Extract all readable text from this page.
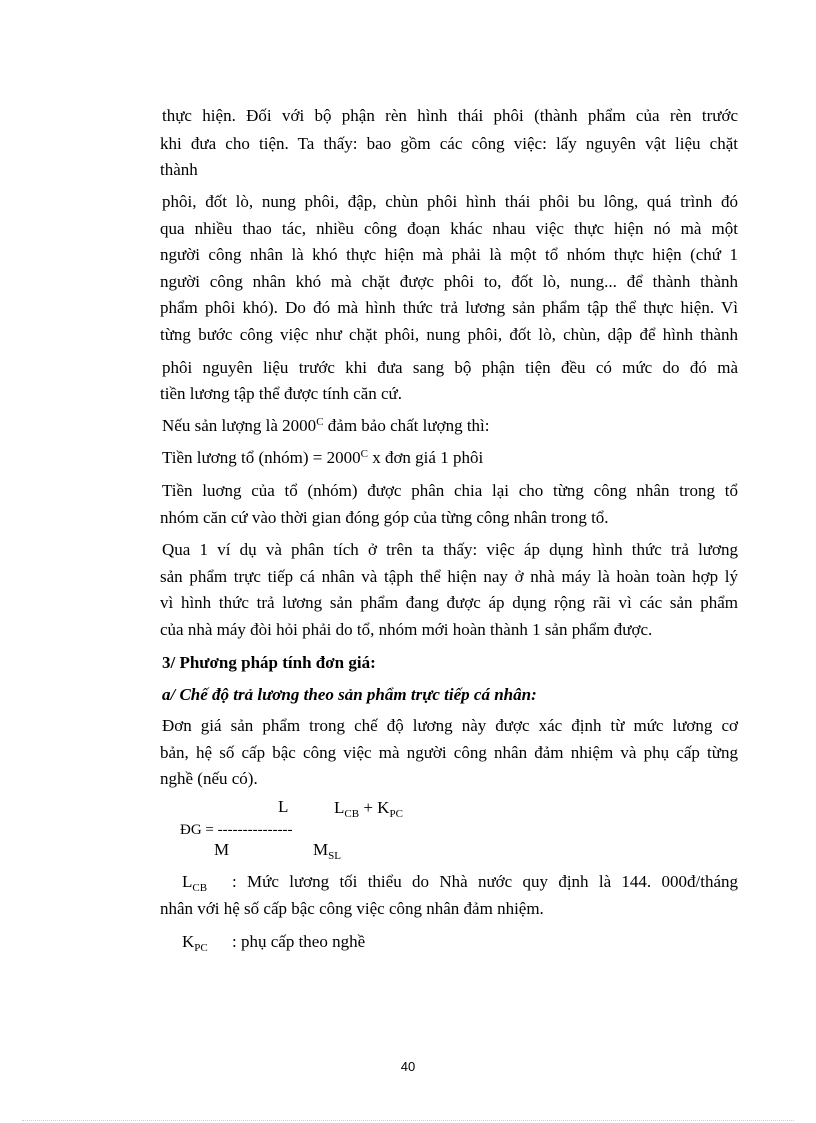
thực hiện. Đối với bộ phận rèn hình thái phôi (thành phẩm của rèn trước
khi đưa cho tiện. Ta thấy: bao gồm các công việc: lấy nguyên vật liệu chặt
thành
phôi, đốt lò, nung phôi, đập, chùn phôi hình thái phôi bu lông, quá trình đó
qua nhiều thao tác, nhiều công đoạn khác nhau việc thực hiện nó mà một
người công nhân là khó thực hiện mà phải là một tổ nhóm thực hiện (chứ 1
người công nhân khó mà chặt được phôi to, đốt lò, nung... để thành thành
phẩm phôi khó). Do đó mà hình thức trả lương sản phẩm tập thể thực hiện. Vì
từng bước công việc như chặt phôi, nung phôi, đốt lò, chùn, dập để hình thành
phôi nguyên liệu trước khi đưa sang bộ phận tiện đều có mức do đó mà
tiền lương tập thể được tính căn cứ.
Nếu sản lượng là $2000^C$ đảm bảo chất lượng thì:
Tiền lương tổ (nhóm) = $2000^C$ x đơn giá 1 phôi
Tiền luơng của tổ (nhóm) được phân chia lại cho từng công nhân trong tổ
nhóm căn cứ vào thời gian đóng góp của từng công nhân trong tổ.
Qua 1 ví dụ và phân tích ở trên ta thấy: việc áp dụng hình thức trả lương
sản phẩm trực tiếp cá nhân và tậph thể hiện nay ở nhà máy là hoàn toàn hợp lý
vì hình thức trả lương sản phẩm đang được áp dụng rộng rãi vì các sản phẩm
của nhà máy đòi hỏi phải do tổ, nhóm mới hoàn thành 1 sản phẩm được.
3/ Phương pháp tính đơn giá:
a/ Chế độ trả lương theo sản phẩm trực tiếp cá nhân:
Đơn giá sản phẩm trong chế độ lương này được xác định từ mức lương cơ
bản, hệ số cấp bậc công việc mà người công nhân đảm nhiệm và phụ cấp từng
nghề (nếu có).
L	$L_{CB} + K_{PC}$
ĐG = ---------------
M	$M_{SL}$
$L_{CB}$ : Mức lương tối thiểu do Nhà nước quy định là 144. 000đ/tháng
nhân với hệ số cấp bậc công việc công nhân đảm nhiệm.
$K_{PC}$ : phụ cấp theo nghề
40
